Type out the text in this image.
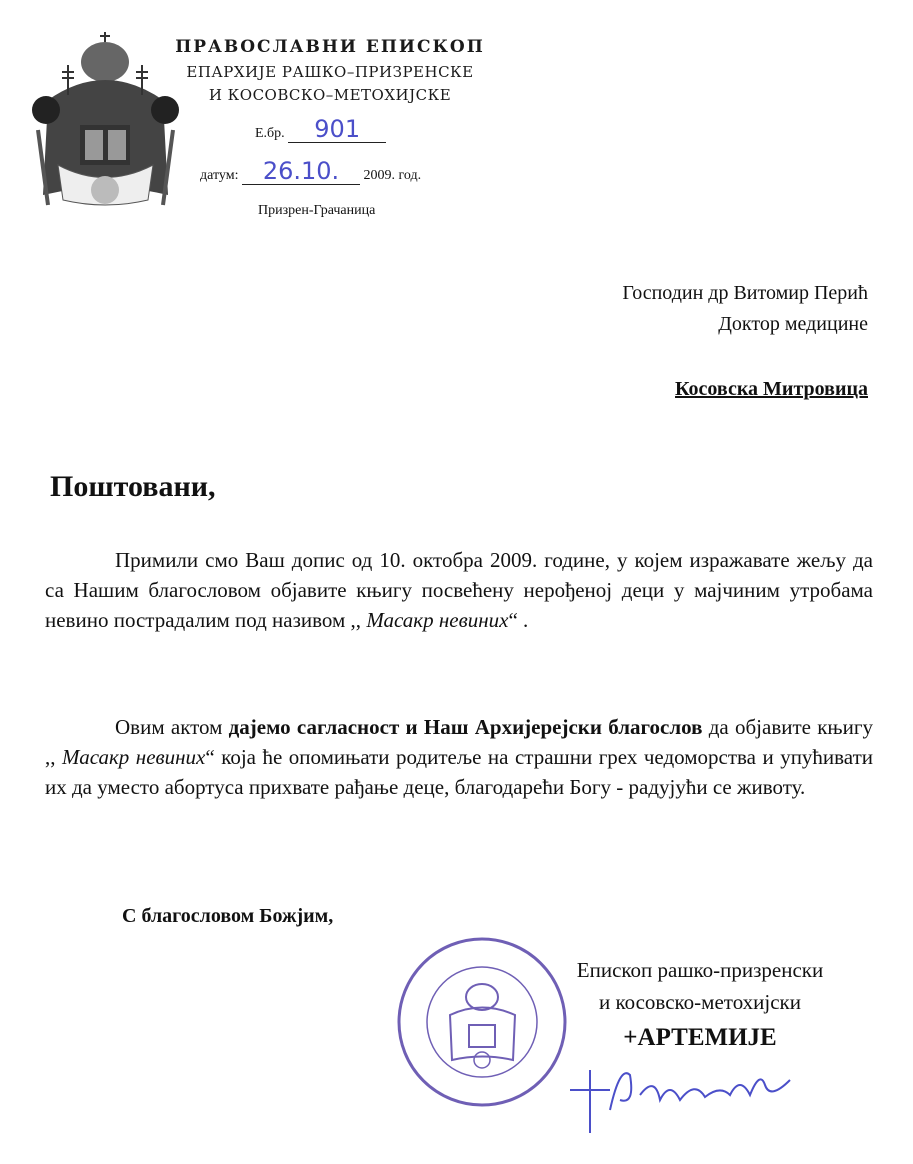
ПРАВОСЛАВНИ ЕПИСКОП
ЕПАРХИЈЕ РАШКО–ПРИЗРЕНСКЕ
И КОСОВСКО–МЕТОХИЈСКЕ
Е.бр. 901
датум: 26.10. 2009. год.
Призрен-Грачаница
Господин др Витомир Перић
Доктор медицине
Косовска Митровица
Поштовани,
Примили смо Ваш допис од 10. октобра 2009. године, у којем изражавате жељу да са Нашим благословом објавите књигу посвећену нерођеној деци у мајчиним утробама невино пострадалим под називом ,, Масакр невиних“ .
Овим актом дајемо сагласност и Наш Архијерејски благослов да објавите књигу ,, Масакр невиних“ која ће опомињати родитеље на страшни грех чедоморства и упућивати их да уместо абортуса прихвате рађање деце, благодарећи Богу - радујући се животу.
С благословом Божјим,
Епископ рашко-призренски
и косовско-метохијски
+АРТЕМИЈЕ
